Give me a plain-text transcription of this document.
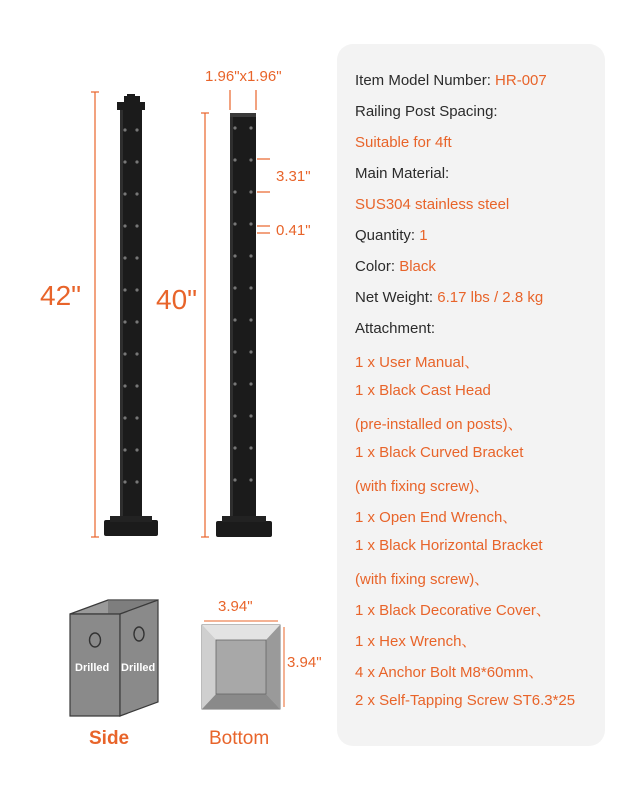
42"	40"
1.96"x1.96"
3.31"
0.41"
3.94"
3.94"
Drilled Drilled
Side	Bottom
Item Model Number: HR-007
Railing Post Spacing:
Suitable for 4ft
Main Material:
SUS304 stainless steel
Quantity: 1
Color: Black
Net Weight: 6.17 lbs / 2.8 kg
Attachment:
1 x User Manual、
1 x Black Cast Head
(pre-installed on posts)、
1 x Black Curved Bracket
(with fixing screw)、
1 x Open End Wrench、
1 x Black Horizontal Bracket
(with fixing screw)、
1 x Black Decorative Cover、
1 x Hex Wrench、
4 x Anchor Bolt M8*60mm、
2 x Self-Tapping Screw ST6.3*25
